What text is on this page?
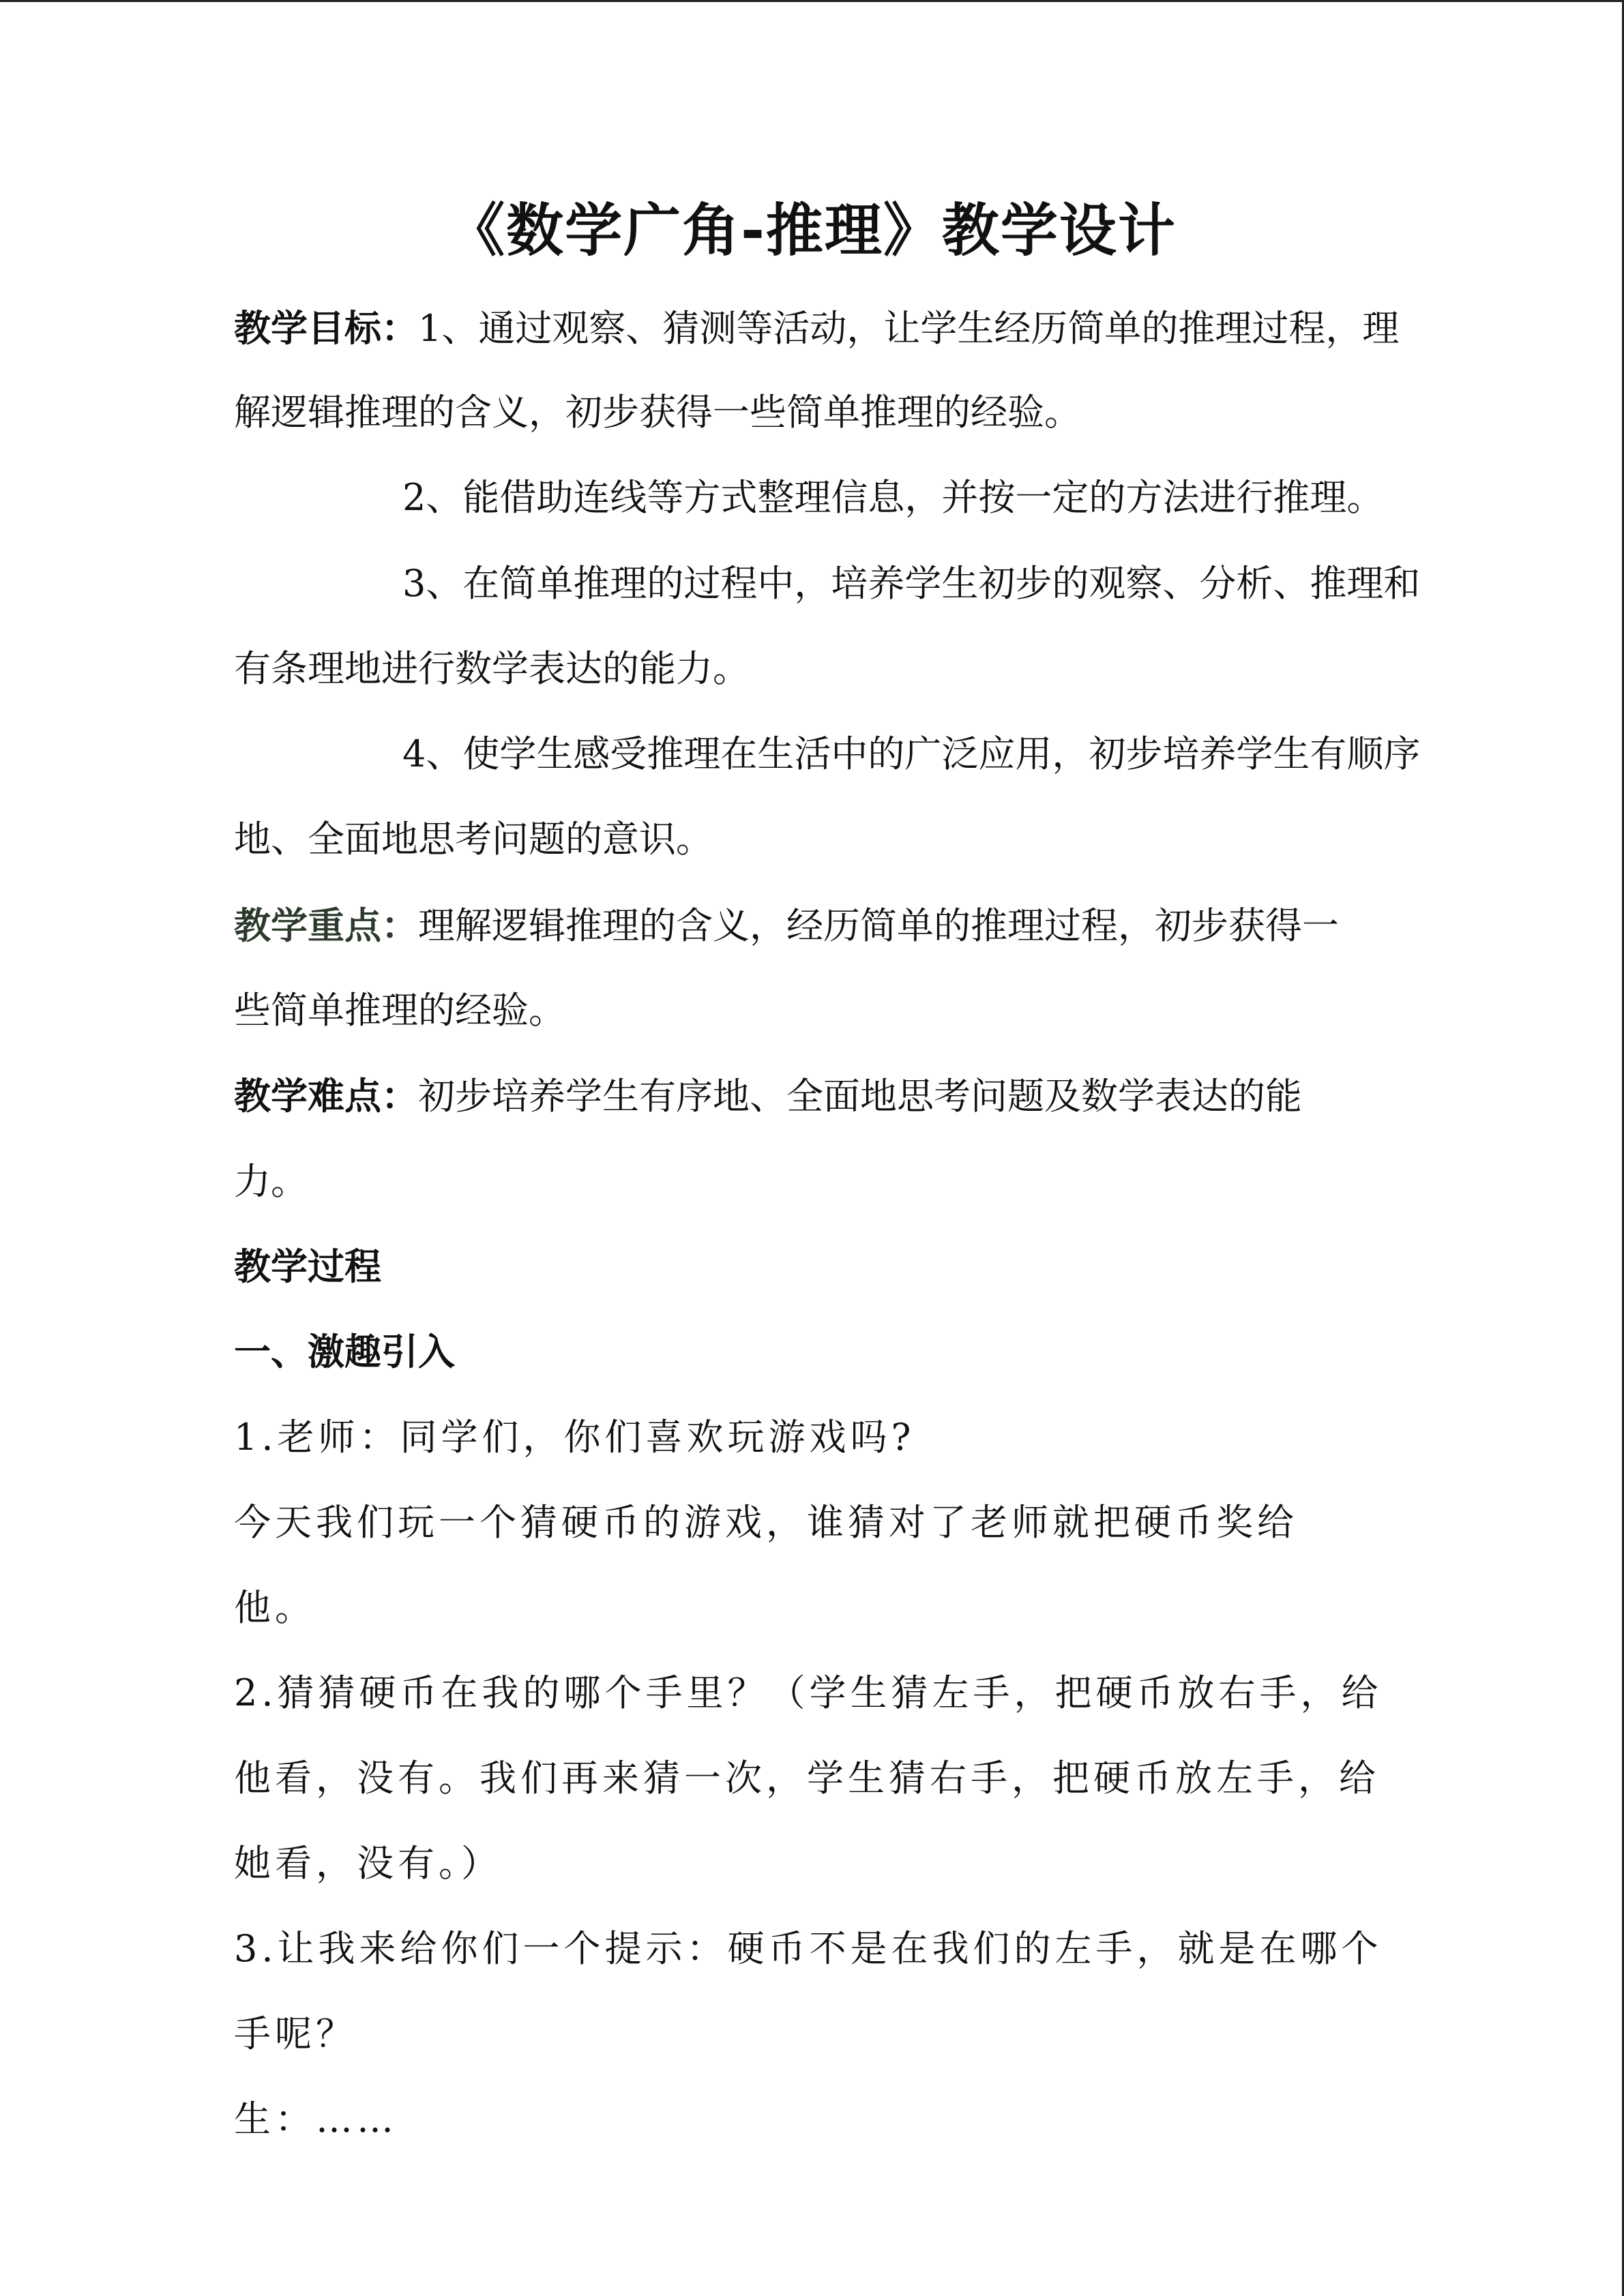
《数学广角-推理》教学设计
教学目标：1、通过观察、猜测等活动，让学生经历简单的推理过程，理
解逻辑推理的含义，初步获得一些简单推理的经验。
2、能借助连线等方式整理信息，并按一定的方法进行推理。
3、在简单推理的过程中，培养学生初步的观察、分析、推理和
有条理地进行数学表达的能力。
4、使学生感受推理在生活中的广泛应用，初步培养学生有顺序
地、全面地思考问题的意识。
教学重点：理解逻辑推理的含义，经历简单的推理过程，初步获得一
些简单推理的经验。
教学难点：初步培养学生有序地、全面地思考问题及数学表达的能
力。
教学过程
一、激趣引入
1.老师：同学们，你们喜欢玩游戏吗?
今天我们玩一个猜硬币的游戏，谁猜对了老师就把硬币奖给
他。
2.猜猜硬币在我的哪个手里？（学生猜左手，把硬币放右手，给
他看，没有。我们再来猜一次，学生猜右手，把硬币放左手，给
她看，没有。）
3.让我来给你们一个提示：硬币不是在我们的左手，就是在哪个
手呢？
生：……
